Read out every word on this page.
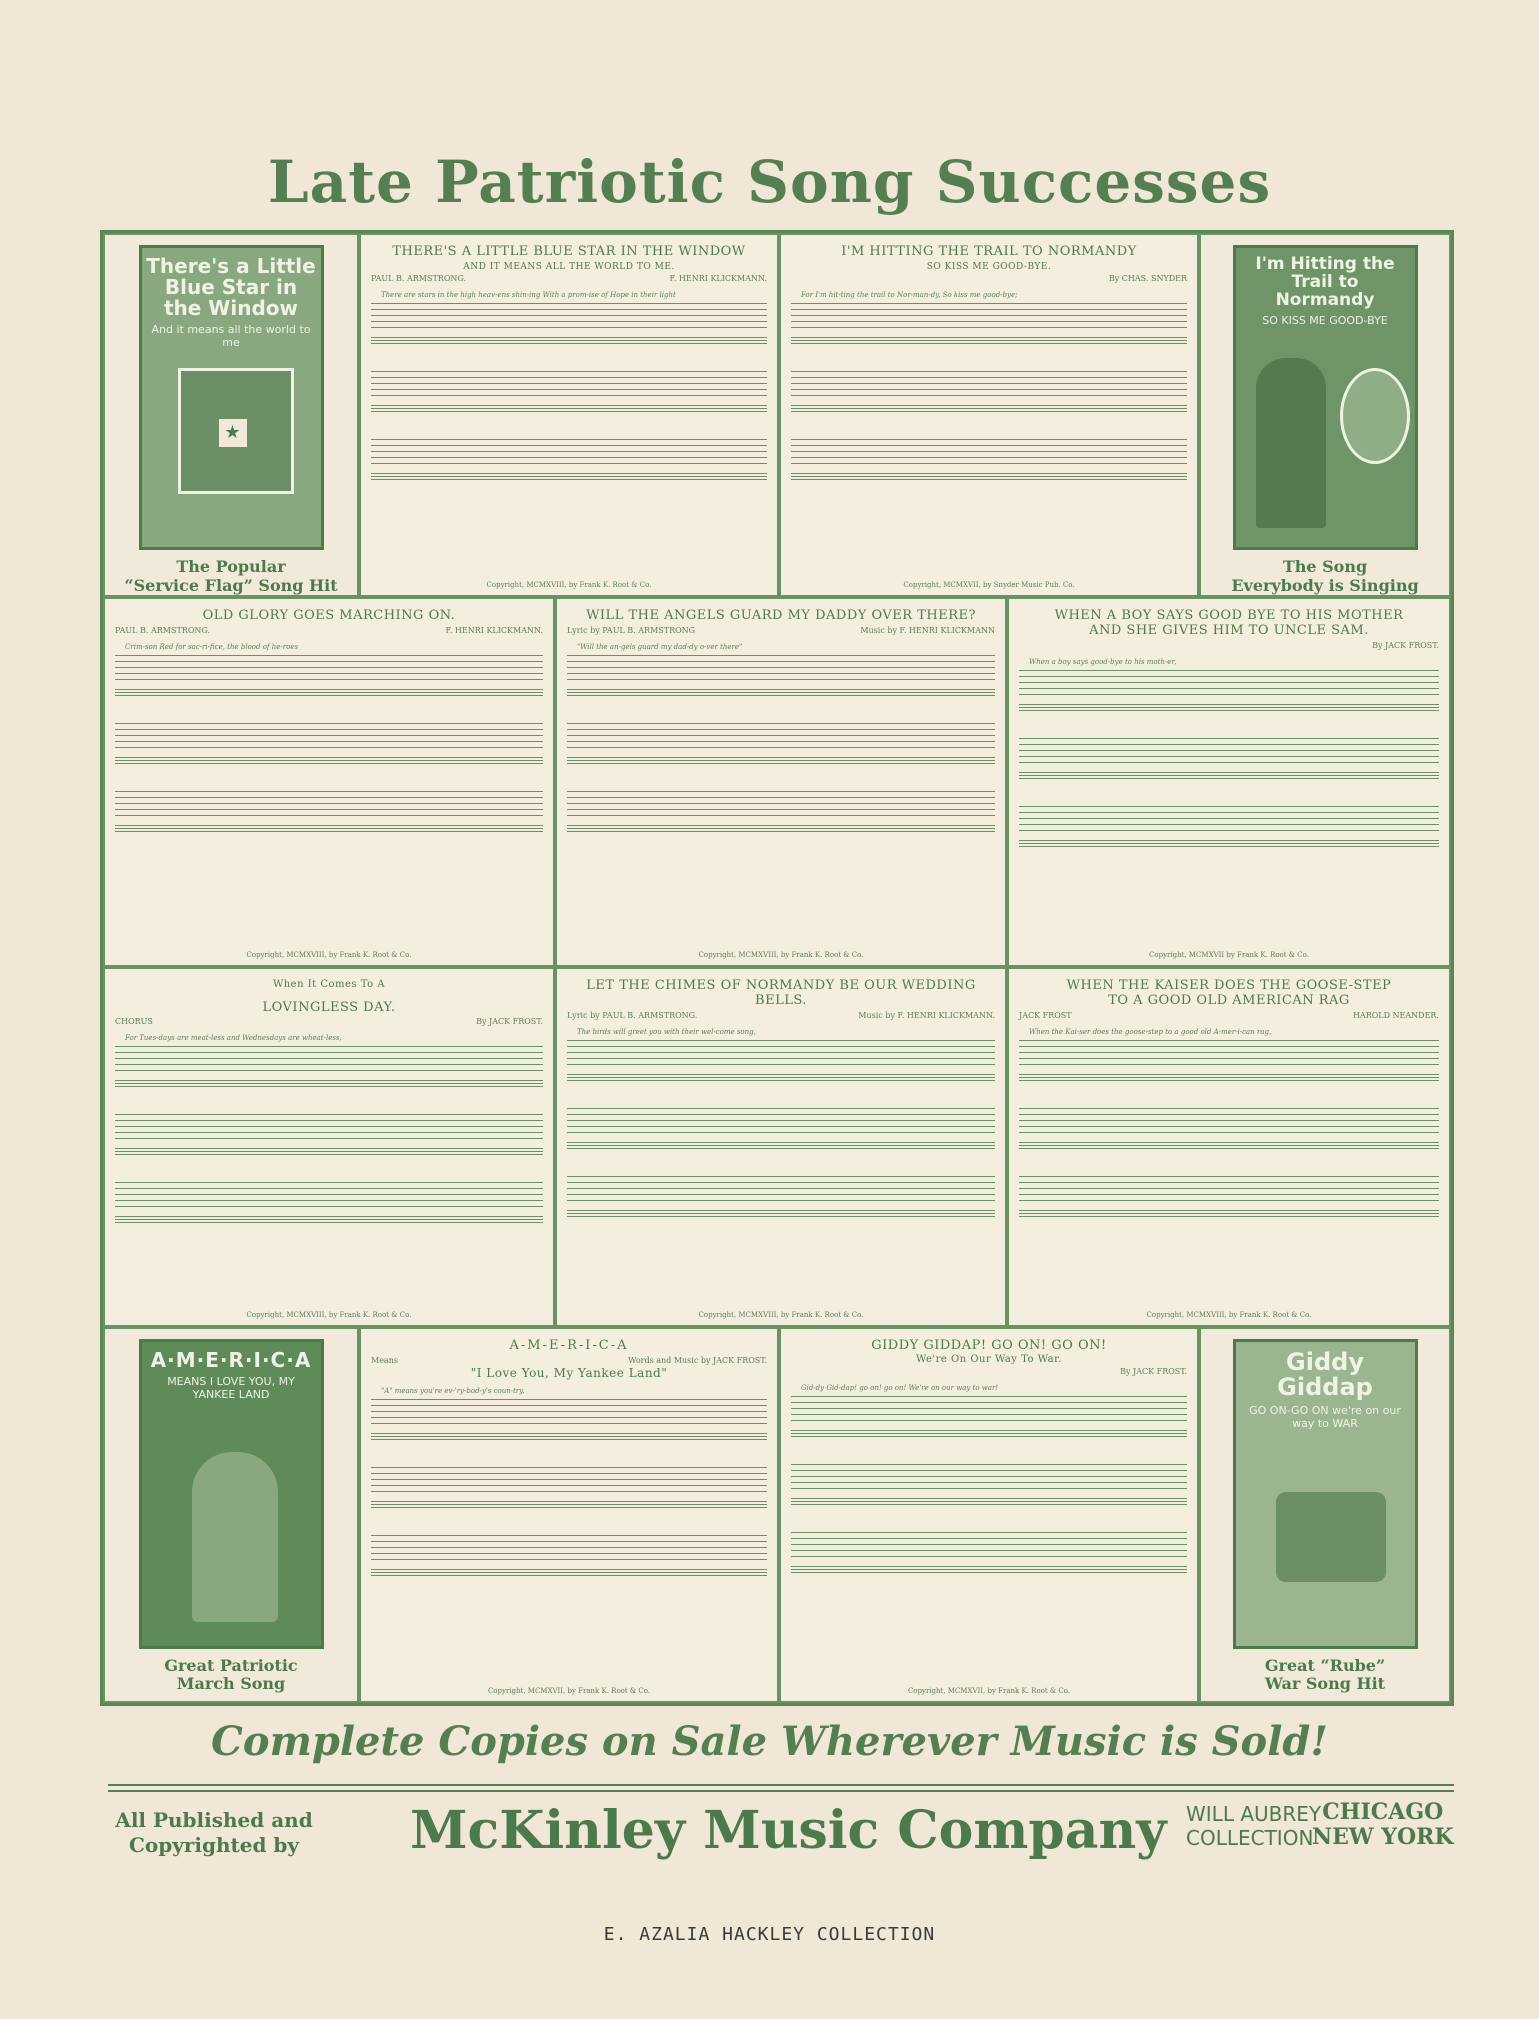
Late Patriotic Song Successes
There's a Little Blue Star in the Window
And it means all the world to me
★
The Popular
“Service Flag” Song Hit
THERE'S A LITTLE BLUE STAR IN THE WINDOW
AND IT MEANS ALL THE WORLD TO ME.
PAUL B. ARMSTRONG.	F. HENRI KLICKMANN.
There are stars in the high heav-ens shin-ing With a prom-ise of Hope in their light
Copyright, MCMXVIII, by Frank K. Root & Co.
I'M HITTING THE TRAIL TO NORMANDY
SO KISS ME GOOD-BYE.
By CHAS. SNYDER
For I'm hit-ting the trail to Nor-man-dy, So kiss me good-bye;
Copyright, MCMXVII, by Snyder Music Pub. Co.
I'm Hitting the Trail to Normandy
SO KISS ME GOOD-BYE
The Song
Everybody is Singing
OLD GLORY GOES MARCHING ON.
PAUL B. ARMSTRONG.	F. HENRI KLICKMANN.
Crim-son Red for sac-ri-fice, the blood of he-roes
Copyright, MCMXVIII, by Frank K. Root & Co.
WILL THE ANGELS GUARD MY DADDY OVER THERE?
Lyric by PAUL B. ARMSTRONG	Music by F. HENRI KLICKMANN
"Will the an-gels guard my dad-dy o-ver there"
Copyright, MCMXVIII, by Frank K. Root & Co.
WHEN A BOY SAYS GOOD BYE TO HIS MOTHER
AND SHE GIVES HIM TO UNCLE SAM.
By JACK FROST.
When a boy says good-bye to his moth-er,
Copyright, MCMXVII by Frank K. Root & Co.
When It Comes To A
LOVINGLESS DAY.
CHORUS	By JACK FROST.
For Tues-days are meat-less and Wednesdays are wheat-less,
Copyright, MCMXVIII, by Frank K. Root & Co.
LET THE CHIMES OF NORMANDY BE OUR WEDDING BELLS.
Lyric by PAUL B. ARMSTRONG.	Music by F. HENRI KLICKMANN.
The birds will greet you with their wel-come song,
Copyright, MCMXVIII, by Frank K. Root & Co.
WHEN THE KAISER DOES THE GOOSE-STEP
TO A GOOD OLD AMERICAN RAG
JACK FROST	HAROLD NEANDER.
When the Kai-ser does the goose-step to a good old A-mer-i-can rag,
Copyright, MCMXVIII, by Frank K. Root & Co.
A·M·E·R·I·C·A
MEANS I LOVE YOU, MY YANKEE LAND
Great Patriotic
March Song
A-M-E-R-I-C-A
Means	Words and Music by JACK FROST.
"I Love You, My Yankee Land"
"A" means you're ev-'ry-bod-y's coun-try,
Copyright, MCMXVII, by Frank K. Root & Co.
GIDDY GIDDAP! GO ON! GO ON!
We're On Our Way To War.
By JACK FROST.
Gid-dy Gid-dap! go on! go on! We're on our way to war!
Copyright, MCMXVII, by Frank K. Root & Co.
Giddy Giddap
GO ON-GO ON we're on our way to WAR
Great “Rube”
War Song Hit
Complete Copies on Sale Wherever Music is Sold!
All Published and
Copyrighted by	McKinley Music Company WILL AUBREY
COLLECTION
CHICAGO
NEW YORK
E. AZALIA HACKLEY COLLECTION
